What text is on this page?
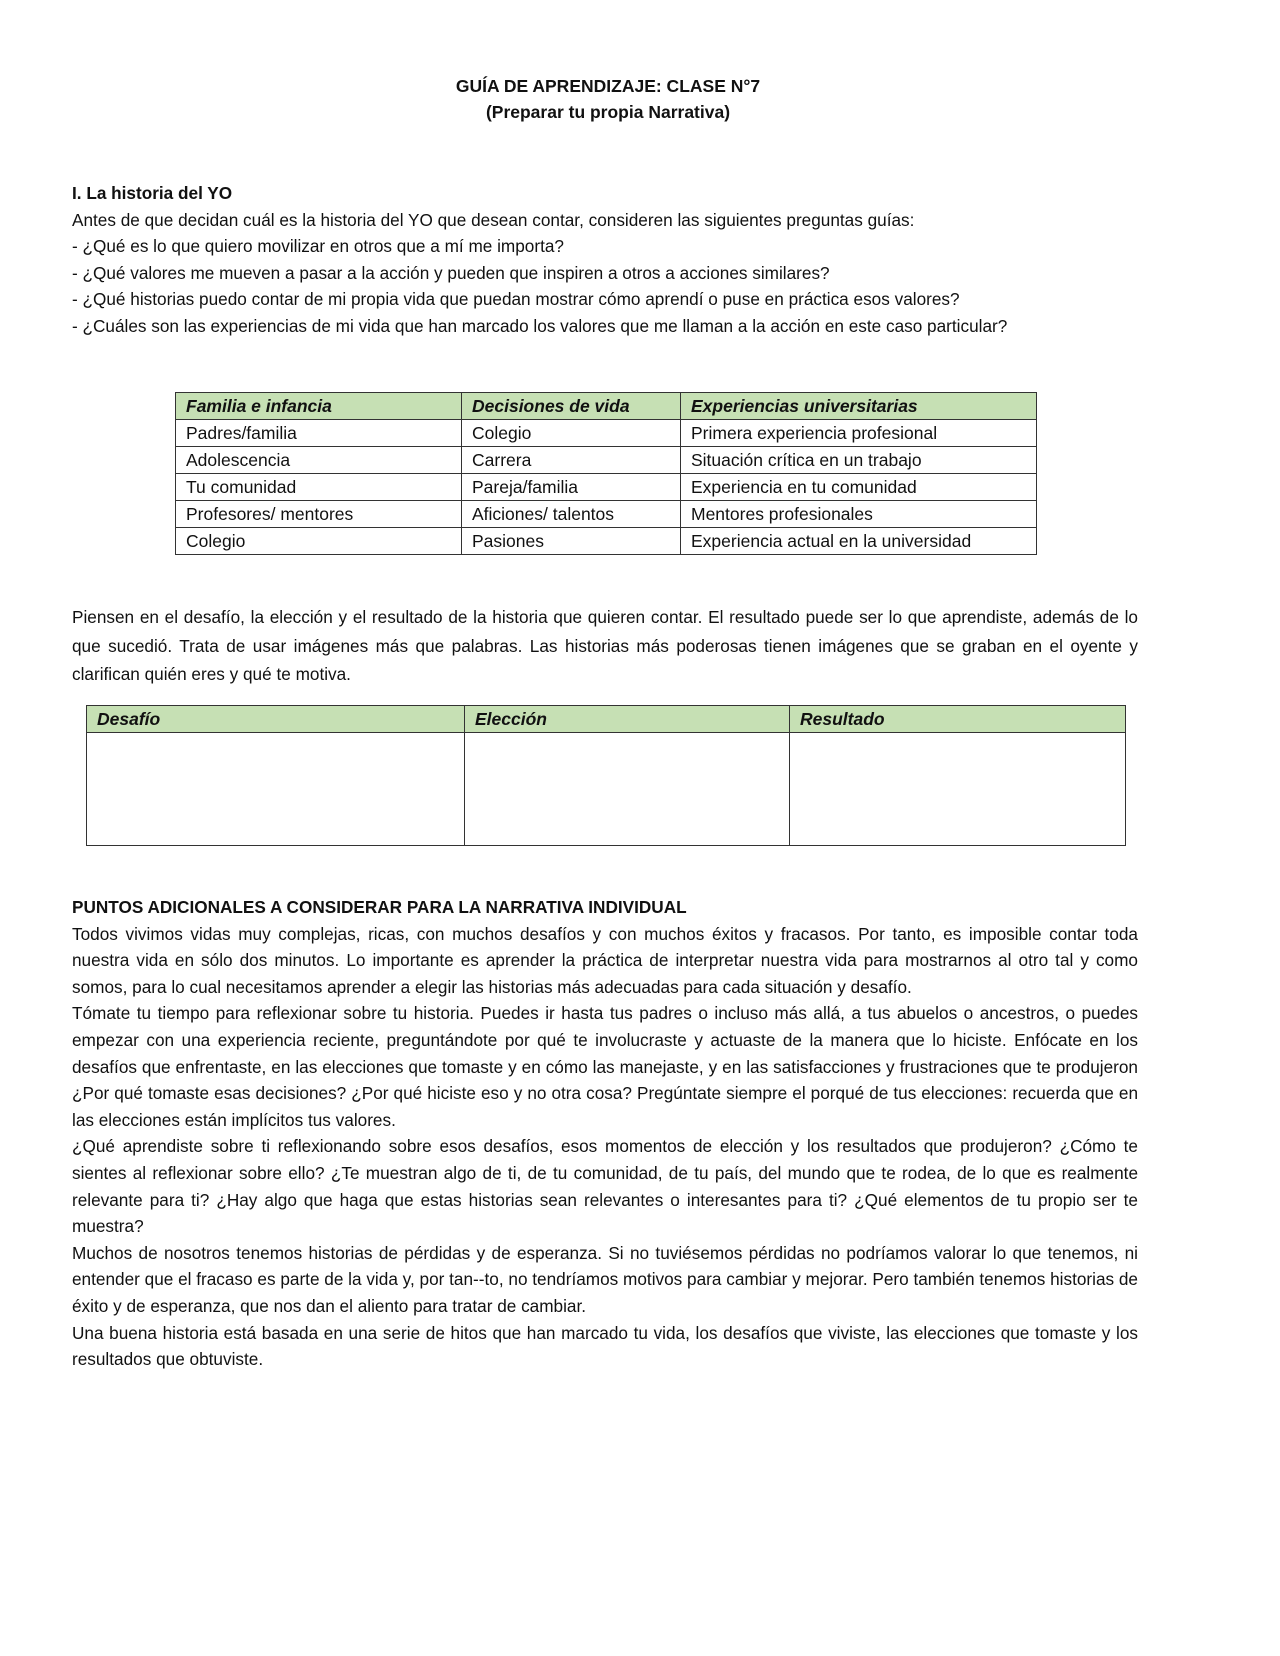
GUÍA DE APRENDIZAJE: CLASE N°7
(Preparar tu propia Narrativa)

I. La historia del YO

Antes de que decidan cuál es la historia del YO que desean contar, consideren las siguientes preguntas guías:

- ¿Qué es lo que quiero movilizar en otros que a mí me importa?

- ¿Qué valores me mueven a pasar a la acción y pueden que inspiren a otros a acciones similares?

- ¿Qué historias puedo contar de mi propia vida que puedan mostrar cómo aprendí o puse en práctica esos valores?

- ¿Cuáles son las experiencias de mi vida que han marcado los valores que me llaman a la acción en este caso particular?

Familia e infancia	Decisiones de vida	Experiencias universitarias
Padres/familia	Colegio	Primera experiencia profesional
Adolescencia	Carrera	Situación crítica en un trabajo
Tu comunidad	Pareja/familia	Experiencia en tu comunidad
Profesores/ mentores	Aficiones/ talentos	Mentores profesionales
Colegio	Pasiones	Experiencia actual en la universidad
Piensen en el desafío, la elección y el resultado de la historia que quieren contar. El resultado puede ser lo que aprendiste, además de lo que sucedió. Trata de usar imágenes más que palabras. Las historias más poderosas tienen imágenes que se graban en el oyente y clarifican quién eres y qué te motiva.
Desafío	Elección	Resultado

PUNTOS ADICIONALES A CONSIDERAR PARA LA NARRATIVA INDIVIDUAL

Todos vivimos vidas muy complejas, ricas, con muchos desafíos y con muchos éxitos y fracasos. Por tanto, es imposible contar toda nuestra vida en sólo dos minutos. Lo importante es aprender la práctica de interpretar nuestra vida para mostrarnos al otro tal y como somos, para lo cual necesitamos aprender a elegir las historias más adecuadas para cada situación y desafío.

Tómate tu tiempo para reflexionar sobre tu historia. Puedes ir hasta tus padres o incluso más allá, a tus abuelos o ancestros, o puedes empezar con una experiencia reciente, preguntándote por qué te involucraste y actuaste de la manera que lo hiciste. Enfócate en los desafíos que enfrentaste, en las elecciones que tomaste y en cómo las manejaste, y en las satisfacciones y frustraciones que te produjeron ¿Por qué tomaste esas decisiones? ¿Por qué hiciste eso y no otra cosa? Pregúntate siempre el porqué de tus elecciones: recuerda que en las elecciones están implícitos tus valores.

¿Qué aprendiste sobre ti reflexionando sobre esos desafíos, esos momentos de elección y los resultados que produjeron? ¿Cómo te sientes al reflexionar sobre ello? ¿Te muestran algo de ti, de tu comunidad, de tu país, del mundo que te rodea, de lo que es realmente relevante para ti? ¿Hay algo que haga que estas historias sean relevantes o interesantes para ti? ¿Qué elementos de tu propio ser te muestra?

Muchos de nosotros tenemos historias de pérdidas y de esperanza. Si no tuviésemos pérdidas no podríamos valorar lo que tenemos, ni entender que el fracaso es parte de la vida y, por tan--to, no tendríamos motivos para cambiar y mejorar. Pero también tenemos historias de éxito y de esperanza, que nos dan el aliento para tratar de cambiar.

Una buena historia está basada en una serie de hitos que han marcado tu vida, los desafíos que viviste, las elecciones que tomaste y los resultados que obtuviste.
